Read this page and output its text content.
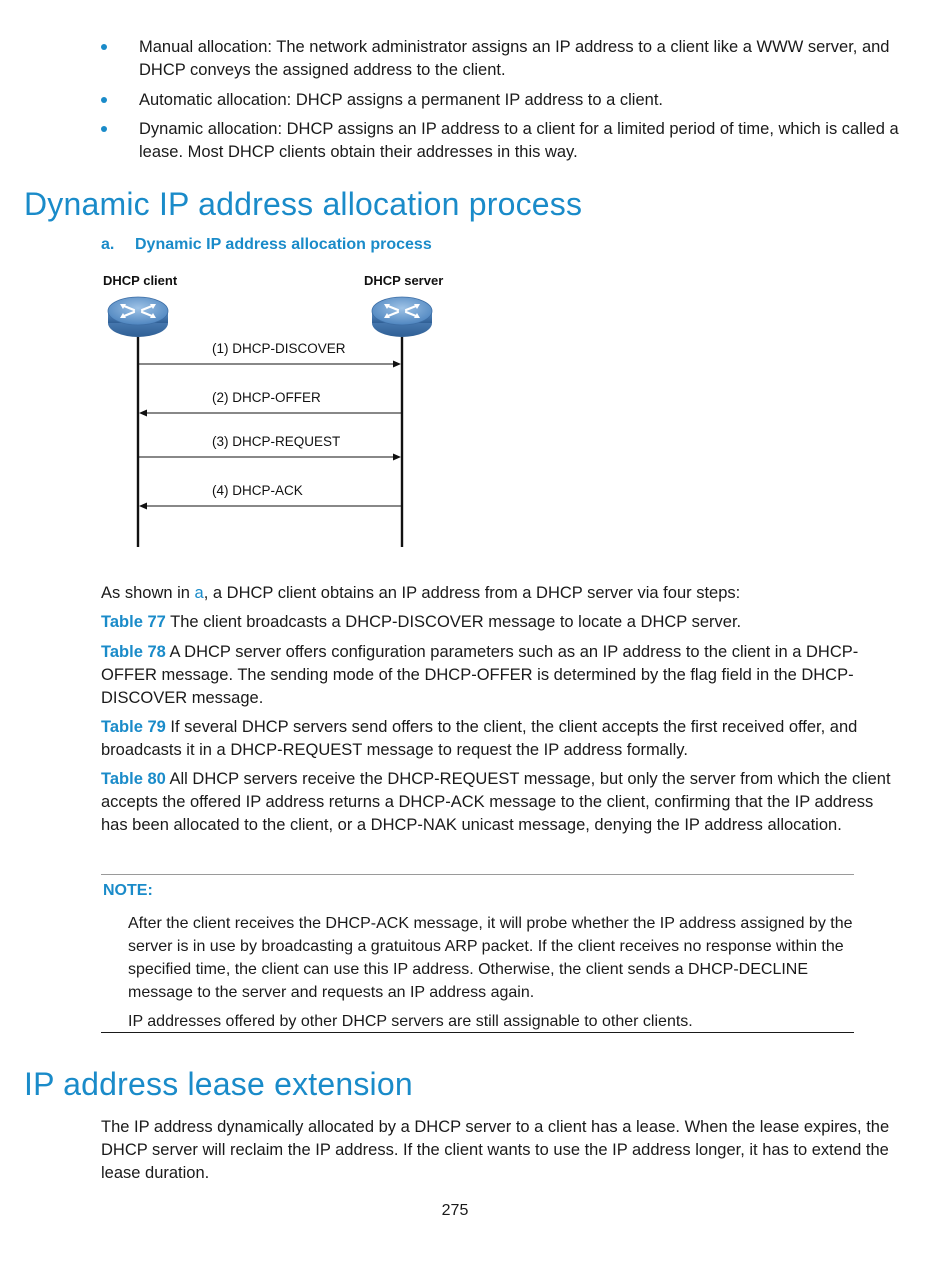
Manual allocation: The network administrator assigns an IP address to a client like a WWW server, and DHCP conveys the assigned address to the client.
Automatic allocation: DHCP assigns a permanent IP address to a client.
Dynamic allocation: DHCP assigns an IP address to a client for a limited period of time, which is called a lease. Most DHCP clients obtain their addresses in this way.
Dynamic IP address allocation process
a. Dynamic IP address allocation process
DHCP client	DHCP server
(1) DHCP-DISCOVER
(2) DHCP-OFFER
(3) DHCP-REQUEST
(4) DHCP-ACK
As shown in a, a DHCP client obtains an IP address from a DHCP server via four steps:
Table 77 The client broadcasts a DHCP-DISCOVER message to locate a DHCP server.
Table 78 A DHCP server offers configuration parameters such as an IP address to the client in a DHCP-OFFER message. The sending mode of the DHCP-OFFER is determined by the flag field in the DHCP-DISCOVER message.
Table 79 If several DHCP servers send offers to the client, the client accepts the first received offer, and broadcasts it in a DHCP-REQUEST message to request the IP address formally.
Table 80 All DHCP servers receive the DHCP-REQUEST message, but only the server from which the client accepts the offered IP address returns a DHCP-ACK message to the client, confirming that the IP address has been allocated to the client, or a DHCP-NAK unicast message, denying the IP address allocation.
NOTE:
After the client receives the DHCP-ACK message, it will probe whether the IP address assigned by the server is in use by broadcasting a gratuitous ARP packet. If the client receives no response within the specified time, the client can use this IP address. Otherwise, the client sends a DHCP-DECLINE message to the server and requests an IP address again.
IP addresses offered by other DHCP servers are still assignable to other clients.
IP address lease extension
The IP address dynamically allocated by a DHCP server to a client has a lease. When the lease expires, the DHCP server will reclaim the IP address. If the client wants to use the IP address longer, it has to extend the lease duration.
275
